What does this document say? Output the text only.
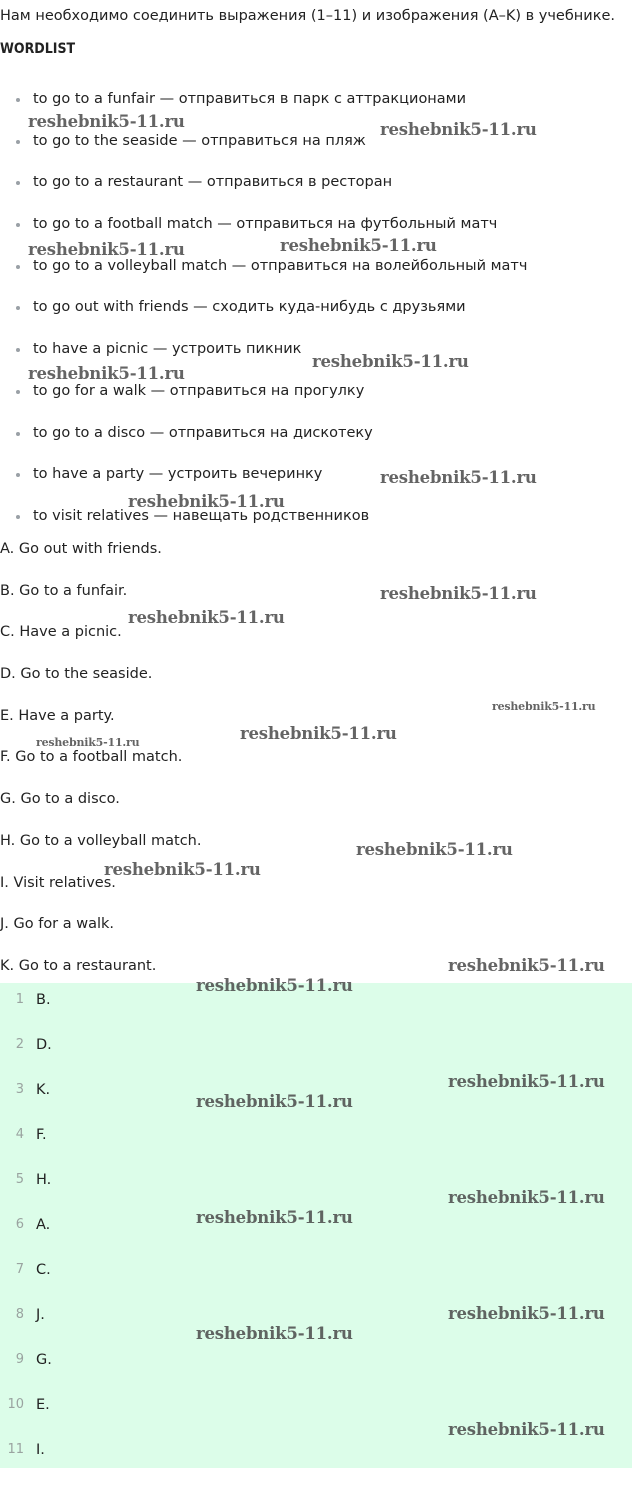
Нам необходимо соединить выражения (1–11) и изображения (A–K) в учебнике.
WORDLIST
to go to a funfair — отправиться в парк с аттракционами
to go to the seaside — отправиться на пляж
to go to a restaurant — отправиться в ресторан
to go to a football match — отправиться на футбольный матч
to go to a volleyball match — отправиться на волейбольный матч
to go out with friends — сходить куда-нибудь с друзьями
to have a picnic — устроить пикник
to go for a walk — отправиться на прогулку
to go to a disco — отправиться на дискотеку
to have a party — устроить вечеринку
to visit relatives — навещать родственников
A. Go out with friends.
B. Go to a funfair.
C. Have a picnic.
D. Go to the seaside.
E. Have a party.
F. Go to a football match.
G. Go to a disco.
H. Go to a volleyball match.
I. Visit relatives.
J. Go for a walk.
K. Go to a restaurant.
1 B.
2 D.
3 K.
4 F.
5 H.
6 A.
7 C.
8 J.
9 G.
10 E.
11 I.
reshebnik5-11.ru	reshebnik5-11.ru
reshebnik5-11.ru	reshebnik5-11.ru
reshebnik5-11.ru
reshebnik5-11.ru
reshebnik5-11.ru
reshebnik5-11.ru
reshebnik5-11.ru
reshebnik5-11.ru
reshebnik5-11.ru
reshebnik5-11.ru	reshebnik5-11.ru
reshebnik5-11.ru
reshebnik5-11.ru
reshebnik5-11.ru
reshebnik5-11.ru
reshebnik5-11.ru
reshebnik5-11.ru
reshebnik5-11.ru
reshebnik5-11.ru
reshebnik5-11.ru
reshebnik5-11.ru
reshebnik5-11.ru
